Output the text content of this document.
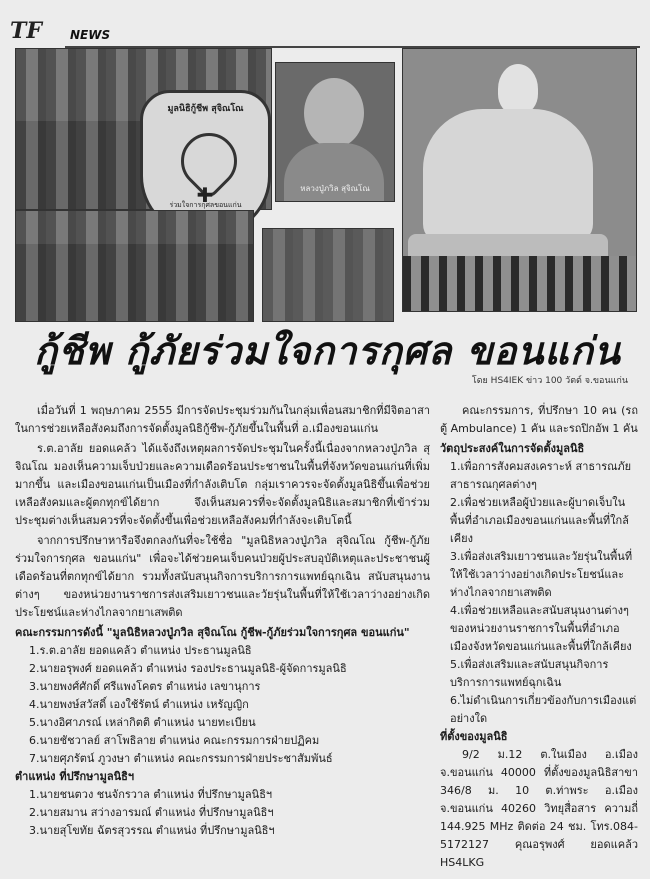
TF NEWS
มูลนิธิกู้ชีพ สุจิณโณ
✚
ร่วมใจการกุศลขอนแก่น
หลวงปู่ภวิล สุจิณโณ
กู้ชีพ กู้ภัยร่วมใจการกุศล ขอนแก่น
โดย HS4IEK ข่าว 100 วัตต์ จ.ขอนแก่น

เมื่อวันที่ 1 พฤษภาคม 2555 มีการจัดประชุมร่วมกันในกลุ่มเพื่อนสมาชิกที่มีจิตอาสาในการช่วยเหลือสังคมถึงการจัดตั้งมูลนิธิกู้ชีพ-กู้ภัยขึ้นในพื้นที่ อ.เมืองขอนแก่น

ร.ต.อาลัย ยอดแคล้ว ได้แจ้งถึงเหตุผลการจัดประชุมในครั้งนี้เนื่องจากหลวงปู่ภวิล สุจิณโณ มองเห็นความเจ็บป่วยและความเดือดร้อนประชาชนในพื้นที่จังหวัดขอนแก่นที่เพิ่มมากขึ้น และเมืองขอนแก่นเป็นเมืองที่กำลังเติบโต กลุ่มเราควรจะจัดตั้งมูลนิธิขึ้นเพื่อช่วยเหลือสังคมและผู้ตกทุกข์ได้ยาก จึงเห็นสมควรที่จะจัดตั้งมูลนิธิและสมาชิกที่เข้าร่วมประชุมต่างเห็นสมควรที่จะจัดตั้งขึ้นเพื่อช่วยเหลือสังคมที่กำลังจะเติบโตนี้

จากการปรึกษาหารือจึงตกลงกันที่จะใช้ชื่อ "มูลนิธิหลวงปู่ภวิล สุจิณโณ กู้ชีพ-กู้ภัยร่วมใจการกุศล ขอนแก่น" เพื่อจะได้ช่วยคนเจ็บคนป่วยผู้ประสบอุบัติเหตุและประชาชนผู้เดือดร้อนที่ตกทุกข์ได้ยาก รวมทั้งสนับสนุนกิจการบริการการแพทย์ฉุกเฉิน สนับสนุนงานต่างๆ ของหน่วยงานราชการส่งเสริมเยาวชนและวัยรุ่นในพื้นที่ให้ใช้เวลาว่างอย่างเกิดประโยชน์และห่างไกลจากยาเสพติด

คณะกรรมการดังนี้ "มูลนิธิหลวงปู่ภวิล สุจิณโณ กู้ชีพ-กู้ภัยร่วมใจการกุศล ขอนแก่น"

1.ร.ต.อาลัย ยอดแคล้ว ตำแหน่ง ประธานมูลนิธิ

2.นายอรุพงศ์ ยอดแคล้ว ตำแหน่ง รองประธานมูลนิธิ-ผู้จัดการมูลนิธิ

3.นายพงศ์ศักดิ์ ศรีแพงโคตร ตำแหน่ง เลขานุการ

4.นายพงษ์สวัสดิ์ เองใช้รัตน์ ตำแหน่ง เหรัญญิก

5.นางอิศาภรณ์ เหล่ากิตติ ตำแหน่ง นายทะเบียน

6.นายชัชวาลย์ สาโพธิลาย ตำแหน่ง คณะกรรมการฝ่ายปฏิคม

7.นายศุภรัตน์ ภูวงษา ตำแหน่ง คณะกรรมการฝ่ายประชาสัมพันธ์

ตำแหน่ง ที่ปรึกษามูลนิธิฯ

1.นายชนตวง ชนจักรวาล ตำแหน่ง ที่ปรึกษามูลนิธิฯ

2.นายสมาน สว่างอารมณ์ ตำแหน่ง ที่ปรึกษามูลนิธิฯ

3.นายสุโขทัย ฉัตรสุวรรณ ตำแหน่ง ที่ปรึกษามูลนิธิฯ

คณะกรรมการ, ที่ปรึกษา 10 คน (รถตู้ Ambulance) 1 คัน และรถปิกอัพ 1 คัน

วัตถุประสงค์ในการจัดตั้งมูลนิธิ

1.เพื่อการสังคมสงเคราะห์ สาธารณภัยสาธารณกุศลต่างๆ

2.เพื่อช่วยเหลือผู้ป่วยและผู้บาดเจ็บในพื้นที่อำเภอเมืองขอนแก่นและพื้นที่ใกล้เคียง

3.เพื่อส่งเสริมเยาวชนและวัยรุ่นในพื้นที่ให้ใช้เวลาว่างอย่างเกิดประโยชน์และห่างไกลจากยาเสพติด

4.เพื่อช่วยเหลือและสนับสนุนงานต่างๆ ของหน่วยงานราชการในพื้นที่อำเภอเมืองจังหวัดขอนแก่นและพื้นที่ใกล้เคียง

5.เพื่อส่งเสริมและสนับสนุนกิจการบริการการแพทย์ฉุกเฉิน

6.ไม่ดำเนินการเกี่ยวข้องกับการเมืองแต่อย่างใด

ที่ตั้งของมูลนิธิ

9/2 ม.12 ต.ในเมือง อ.เมือง จ.ขอนแก่น 40000 ที่ตั้งของมูลนิธิสาขา 346/8 ม. 10 ต.ท่าพระ อ.เมือง จ.ขอนแก่น 40260 วิทยุสื่อสาร ความถี่ 144.925 MHz ติดต่อ 24 ชม. โทร.084-5172127 คุณอรุพงศ์ ยอดแคล้ว HS4LKG
